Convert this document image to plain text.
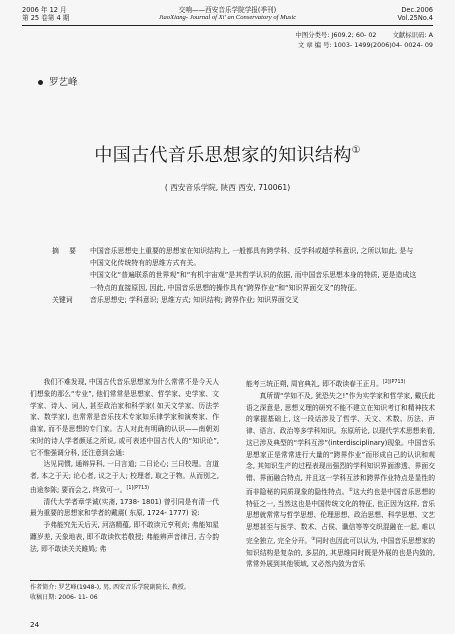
2006 年 12 月
第 25 卷第 4 期
交响——西安音乐学院学报(季刊)
JiaoXiang- Journal of Xi' an Conservatory of Music
Dec.2006
Vol.25No.4
中图分类号: J609.2; 60- 02	文献标识码: A
文 章 编 号: 1003- 1499(2006)04- 0024- 09
罗艺峰
中国古代音乐思想家的知识结构①
( 西安音乐学院, 陕西 西安, 710061)
摘 要	中国音乐思想史上重要的思想家在知识结构上, 一般都具有跨学科、反学科或超学科意识, 之所以如此, 是与中国文化传统特有的思维方式有关。

中国文化“普遍联系的世界观”和“有机宇宙观”是其哲学认识的依据, 而中国音乐思想本身的特质, 更是造成这一特点的直接原因, 因此, 中国音乐思想的操作具有“跨界作业”和“知识界面交叉”的特征。

关键词	音乐思想史; 学科意识; 思维方式; 知识结构; 跨界作业; 知识界面交叉

我们不难发现, 中国古代音乐思想家为什么常常不是今天人们想象的那么“专业”, 他们常常是思想家、哲学家、史学家、文学家、诗人、词人, 甚至政治家和科学家( 如天文学家、历法学家、数学家), 也常常是音乐技术专家如乐律学家和演奏家、作曲家, 而不是思想的专门家。古人对此有明确的认识——南朝刘宋时的诗人学者颜延之所说, 或可表述中国古代人的“知识论”, 它不惟强调分科, 还注意到会通:

达见同惯, 通辩异科, 一曰言道; 二曰论心; 三曰校理。言道者, 本之于天; 论心者, 议之于人; 校理者, 取之于物。从而别之, 由途参陈; 要而会之, 终致可一。$^{[1](P713)}$

清代大学者章学诚(实斋, 1738- 1801) 曾引同是有清一代最为重要的思想家和学者的戴震( 东原, 1724- 1777) 说:

予弗能究先天后天, 河洛精蕴, 即不敢读元亨利贞; 弗能知星躔岁差, 天象地表, 即不敢读钦若敬授; 弗能辨声音律吕, 古今韵法, 即不敢读关关雎鸠; 弗

能考三统正朔, 周官典礼, 即不敢读春王正月。$^{[2](P713)}$

真所谓“学如不及, 犹恐失之!”作为实学家和哲学家, 戴氏此语之深意是, 思想义理的研究不能不建立在知识考订和精神技术的掌握基础上, 这一段话涉及了哲学、天文、术数、历法、声律、语言、政治等多学科知识。东原所论, 以现代学术思想来看, 这已涉及典型的“学科互涉”(interdisciplinary)现象。中国音乐思想家正是常常进行大量的“跨界作业”而形成自己的认识和观念, 其知识生产的过程表现出强烈的学科知识界面渗透、界面交错、界面融合特点, 并且这一学科互涉和跨界作业特点是显性的而非隐秘的同质现象的隐性特点。②这大约也是中国音乐思想的特征之一, 当然这也是中国传统文化的特征, 也正因为这样, 音乐思想就常常与哲学思想、伦理思想、政治思想、科学思想、文艺思想甚至与医学、数术、占侯、谶信等等交织混融在一起, 难以完全独立, 完全分开。③同时也因此可以认为, 中国音乐思想家的知识结构是复杂的, 多层的, 其思维同时既是外展的也是内敛的, 常常外展到其他领域, 又必然内敛为音乐

作者简介: 罗艺峰(1948-), 男, 西安音乐学院副院长, 教授。
收稿日期: 2006- 11- 06
24
